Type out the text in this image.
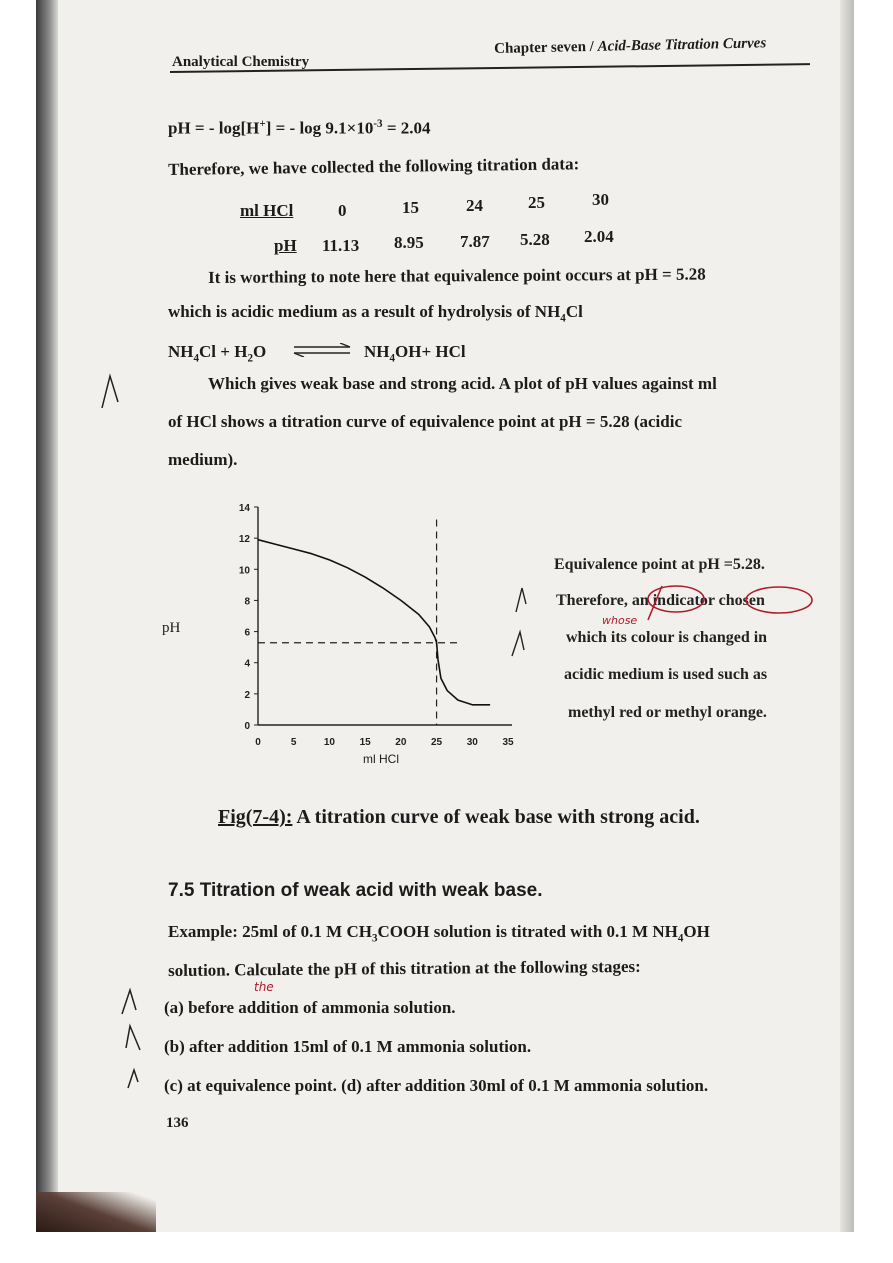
Analytical Chemistry
Chapter seven / Acid-Base Titration Curves
pH = - log[H+] = - $\log 9.1\times 10^{-3} = 2.04$
Therefore, we have collected the following titration data:
ml HCl	0	15	24	25	30
pH 11.13 8.95 7.87 5.28 2.04
It is worthing to note here that equivalence point occurs at pH = 5.28
which is acidic medium as a result of hydrolysis of $NH_4Cl$
$NH_4Cl + H_2O$ ⇌ $NH_4OH+$ HCl
Which gives weak base and strong acid. A plot of pH values against ml
of HCl shows a titration curve of equivalence point at pH = 5.28 (acidic
medium).
0
2
4
6
8
10
12
14
0	5	10 15 20 25 30 35
pH
ml HCl
Equivalence point at pH =5.28.
Therefore, an indicator chosen
which its colour is changed in
acidic medium is used such as
methyl red or methyl orange.
whose
Fig(7-4): A titration curve of weak base with strong acid.
7.5 Titration of weak acid with weak base.
Example: 25ml of 0.1 M $CH_3COOH$ solution is titrated with 0.1 M $NH_4OH$
solution. Calculate the pH of this titration at the following stages:
(a) before addition of ammonia solution.
(b) after addition 15ml of 0.1 M ammonia solution.
(c) at equivalence point. (d) after addition 30ml of 0.1 M ammonia solution.
the
136
